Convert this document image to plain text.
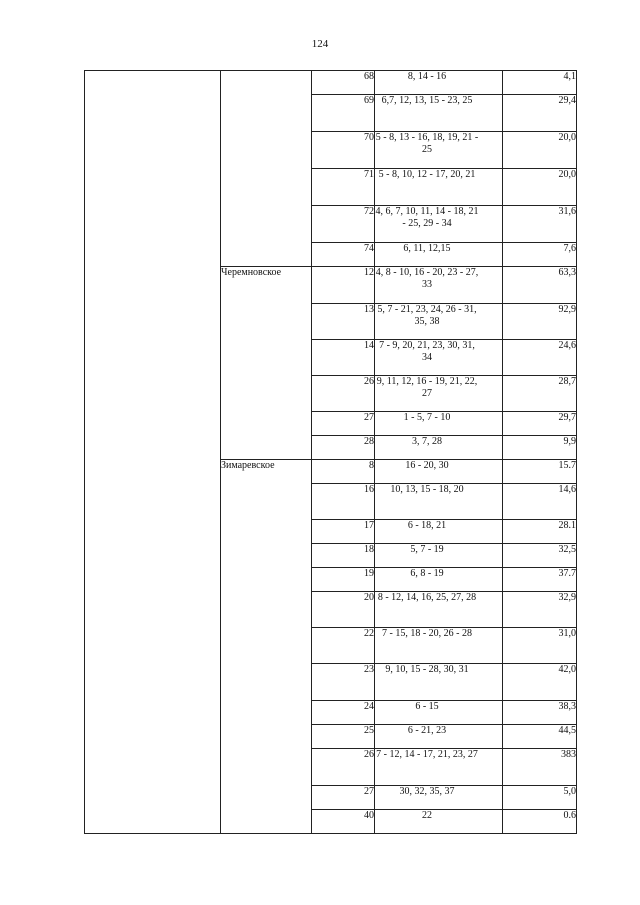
124
		68	8, 14 - 16	4,1
		69	6,7, 12, 13, 15 - 23, 25	29,4
		70	5 - 8, 13 - 16, 18, 19, 21 - 25	20,0
		71	5 - 8, 10, 12 - 17, 20, 21	20,0
		72	4, 6, 7, 10, 11, 14 - 18, 21 - 25, 29 - 34	31,6
		74	6, 11, 12,15	7,6
	Черемновское	12	4, 8 - 10, 16 - 20, 23 - 27, 33	63,3
		13	5, 7 - 21, 23, 24, 26 - 31, 35, 38	92,9
		14	7 - 9, 20, 21, 23, 30, 31, 34	24,6
		26	9, 11, 12, 16 - 19, 21, 22, 27	28,7
		27	1 - 5, 7 - 10	29,7
		28	3, 7, 28	9,9
	Зимаревское	8	16 - 20, 30	15.7
		16	10, 13, 15 - 18, 20	14,6
		17	6 - 18, 21	28.1
		18	5, 7 - 19	32,5
		19	6, 8 - 19	37.7
		20	8 - 12, 14, 16, 25, 27, 28	32,9
		22	7 - 15, 18 - 20, 26 - 28	31,0
		23	9, 10, 15 - 28, 30, 31	42,0
		24	6 - 15	38,3
		25	6 - 21, 23	44,5
		26	7 - 12, 14 - 17, 21, 23, 27	383
		27	30, 32, 35, 37	5,0
		40	22	0.6
